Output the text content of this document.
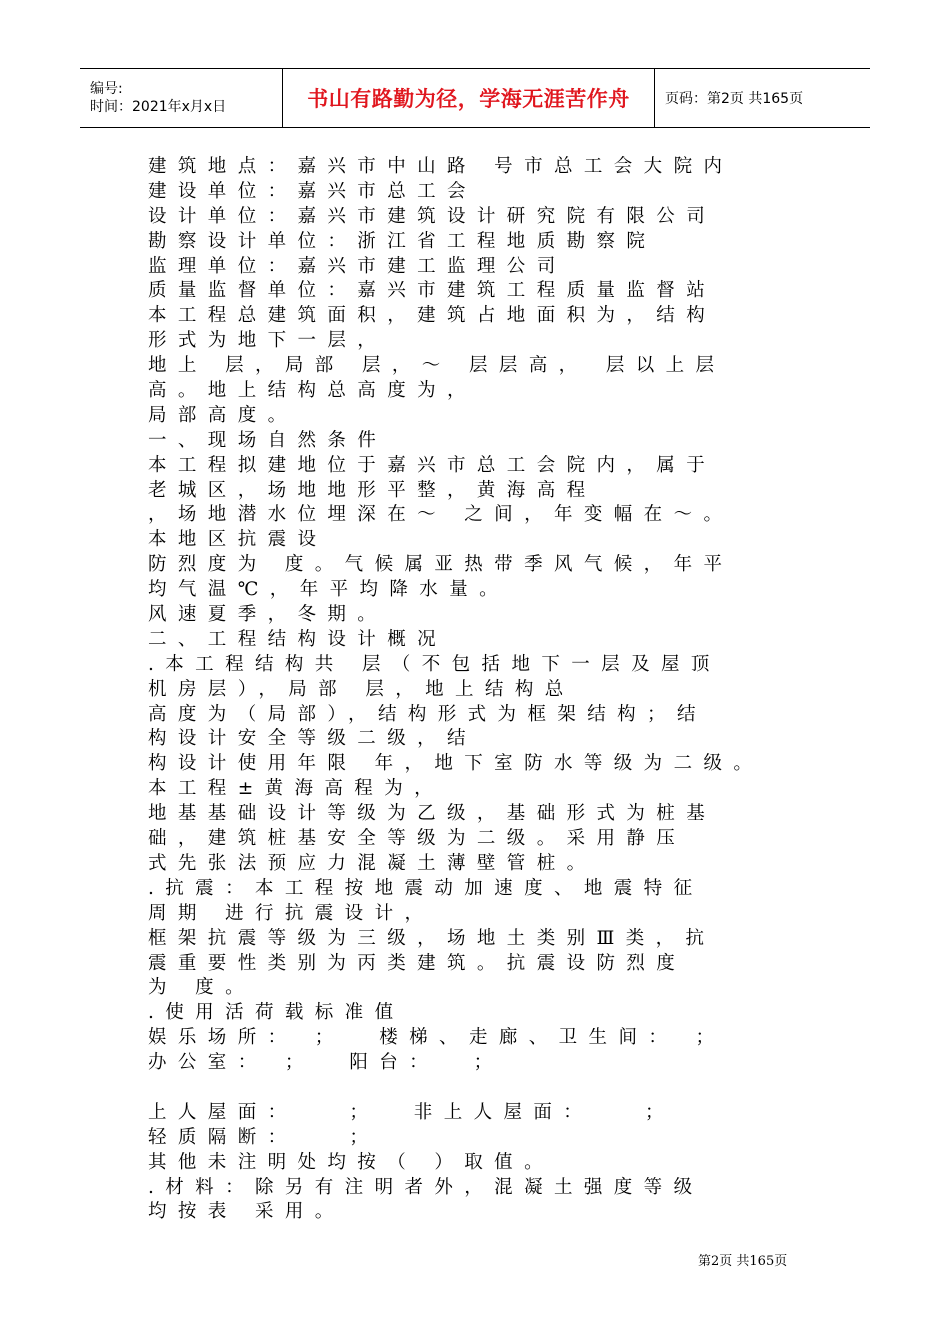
编号:
时间：2021年x月x日	书山有路勤为径，学海无涯苦作舟	页码：第2页 共165页
建筑地点：嘉兴市中山路 号市总工会大院内
建设单位：嘉兴市总工会
设计单位：嘉兴市建筑设计研究院有限公司
勘察设计单位：浙江省工程地质勘察院
监理单位：嘉兴市建工监理公司
质量监督单位：嘉兴市建筑工程质量监督站
本工程总建筑面积，建筑占地面积为，结构
形式为地下一层，
地上 层，局部 层，～ 层层高， 层以上层
高。地上结构总高度为，
局部高度。
一、现场自然条件
本工程拟建地位于嘉兴市总工会院内，属于
老城区，场地地形平整，黄海高程
，场地潜水位埋深在～ 之间，年变幅在～。
本地区抗震设
防烈度为 度。气候属亚热带季风气候，年平
均气温℃，年平均降水量。
风速夏季，冬期。
二、工程结构设计概况
.本工程结构共 层（不包括地下一层及屋顶
机房层），局部 层，地上结构总
高度为（局部），结构形式为框架结构；结
构设计安全等级二级，结
构设计使用年限 年，地下室防水等级为二级。
本工程±黄海高程为，
地基基础设计等级为乙级，基础形式为桩基
础，建筑桩基安全等级为二级。采用静压
式先张法预应力混凝土薄壁管桩。
.抗震：本工程按地震动加速度、地震特征
周期 进行抗震设计，
框架抗震等级为三级，场地土类别Ⅲ类，抗
震重要性类别为丙类建筑。抗震设防烈度
为 度。
.使用活荷载标准值
娱乐场所： ；  楼梯、走廊、卫生间： ；
办公室： ；  阳台：  ；
上人屋面：   ；  非上人屋面：   ；
轻质隔断：   ；
其他未注明处均按（ ）取值。
.材料：除另有注明者外，混凝土强度等级
均按表 采用。
第2页 共165页
